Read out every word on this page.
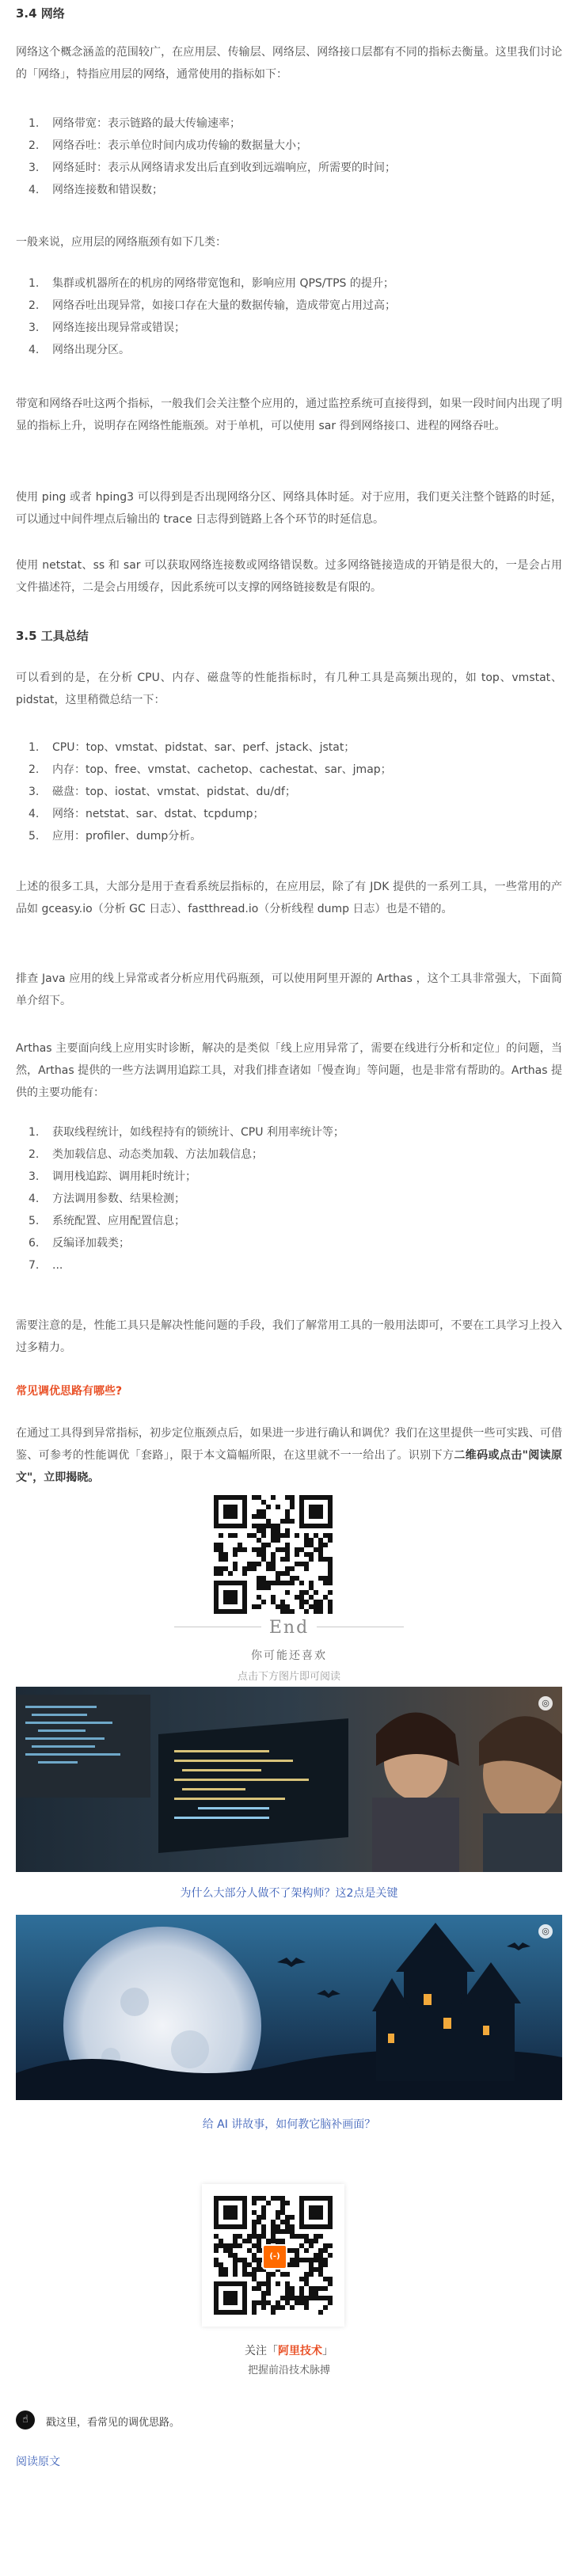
3.4 网络
网络这个概念涵盖的范围较广，在应用层、传输层、网络层、网络接口层都有不同的指标去衡量。这里我们讨论的「网络」，特指应用层的网络，通常使用的指标如下：
1. 网络带宽：表示链路的最大传输速率；
2. 网络吞吐：表示单位时间内成功传输的数据量大小；
3. 网络延时：表示从网络请求发出后直到收到远端响应，所需要的时间；
4. 网络连接数和错误数；
一般来说，应用层的网络瓶颈有如下几类：
1. 集群或机器所在的机房的网络带宽饱和，影响应用 QPS/TPS 的提升；
2. 网络吞吐出现异常，如接口存在大量的数据传输，造成带宽占用过高；
3. 网络连接出现异常或错误；
4. 网络出现分区。
带宽和网络吞吐这两个指标，一般我们会关注整个应用的，通过监控系统可直接得到，如果一段时间内出现了明显的指标上升，说明存在网络性能瓶颈。对于单机，可以使用 sar 得到网络接口、进程的网络吞吐。
使用 ping 或者 hping3 可以得到是否出现网络分区、网络具体时延。对于应用，我们更关注整个链路的时延，可以通过中间件埋点后输出的 trace 日志得到链路上各个环节的时延信息。
使用 netstat、ss 和 sar 可以获取网络连接数或网络错误数。过多网络链接造成的开销是很大的，一是会占用文件描述符，二是会占用缓存，因此系统可以支撑的网络链接数是有限的。
3.5 工具总结
可以看到的是，在分析 CPU、内存、磁盘等的性能指标时，有几种工具是高频出现的，如 top、vmstat、pidstat，这里稍微总结一下：
1. CPU：top、vmstat、pidstat、sar、perf、jstack、jstat；
2. 内存：top、free、vmstat、cachetop、cachestat、sar、jmap；
3. 磁盘：top、iostat、vmstat、pidstat、du/df；
4. 网络：netstat、sar、dstat、tcpdump；
5. 应用：profiler、dump分析。
上述的很多工具，大部分是用于查看系统层指标的，在应用层，除了有 JDK 提供的一系列工具，一些常用的产品如 gceasy.io（分析 GC 日志）、fastthread.io（分析线程 dump 日志）也是不错的。
排查 Java 应用的线上异常或者分析应用代码瓶颈，可以使用阿里开源的 Arthas ，这个工具非常强大，下面简单介绍下。
Arthas 主要面向线上应用实时诊断，解决的是类似「线上应用异常了，需要在线进行分析和定位」的问题，当然，Arthas 提供的一些方法调用追踪工具，对我们排查诸如「慢查询」等问题，也是非常有帮助的。Arthas 提供的主要功能有：
1. 获取线程统计，如线程持有的锁统计、CPU 利用率统计等；
2. 类加载信息、动态类加载、方法加载信息；
3. 调用栈追踪、调用耗时统计；
4. 方法调用参数、结果检测；
5. 系统配置、应用配置信息；
6. 反编译加载类；
7. ...
需要注意的是，性能工具只是解决性能问题的手段，我们了解常用工具的一般用法即可，不要在工具学习上投入过多精力。
常见调优思路有哪些?
在通过工具得到异常指标，初步定位瓶颈点后，如果进一步进行确认和调优？我们在这里提供一些可实践、可借鉴、可参考的性能调优「套路」，限于本文篇幅所限，在这里就不一一给出了。识别下方二维码或点击"阅读原文"，立即揭晓。
End
你可能还喜欢
点击下方图片即可阅读
◎
为什么大部分人做不了架构师？这2点是关键
◎
给 AI 讲故事，如何教它脑补画面？
(-)
关注「阿里技术」
把握前沿技术脉搏
☝	戳这里，看常见的调优思路。
阅读原文
